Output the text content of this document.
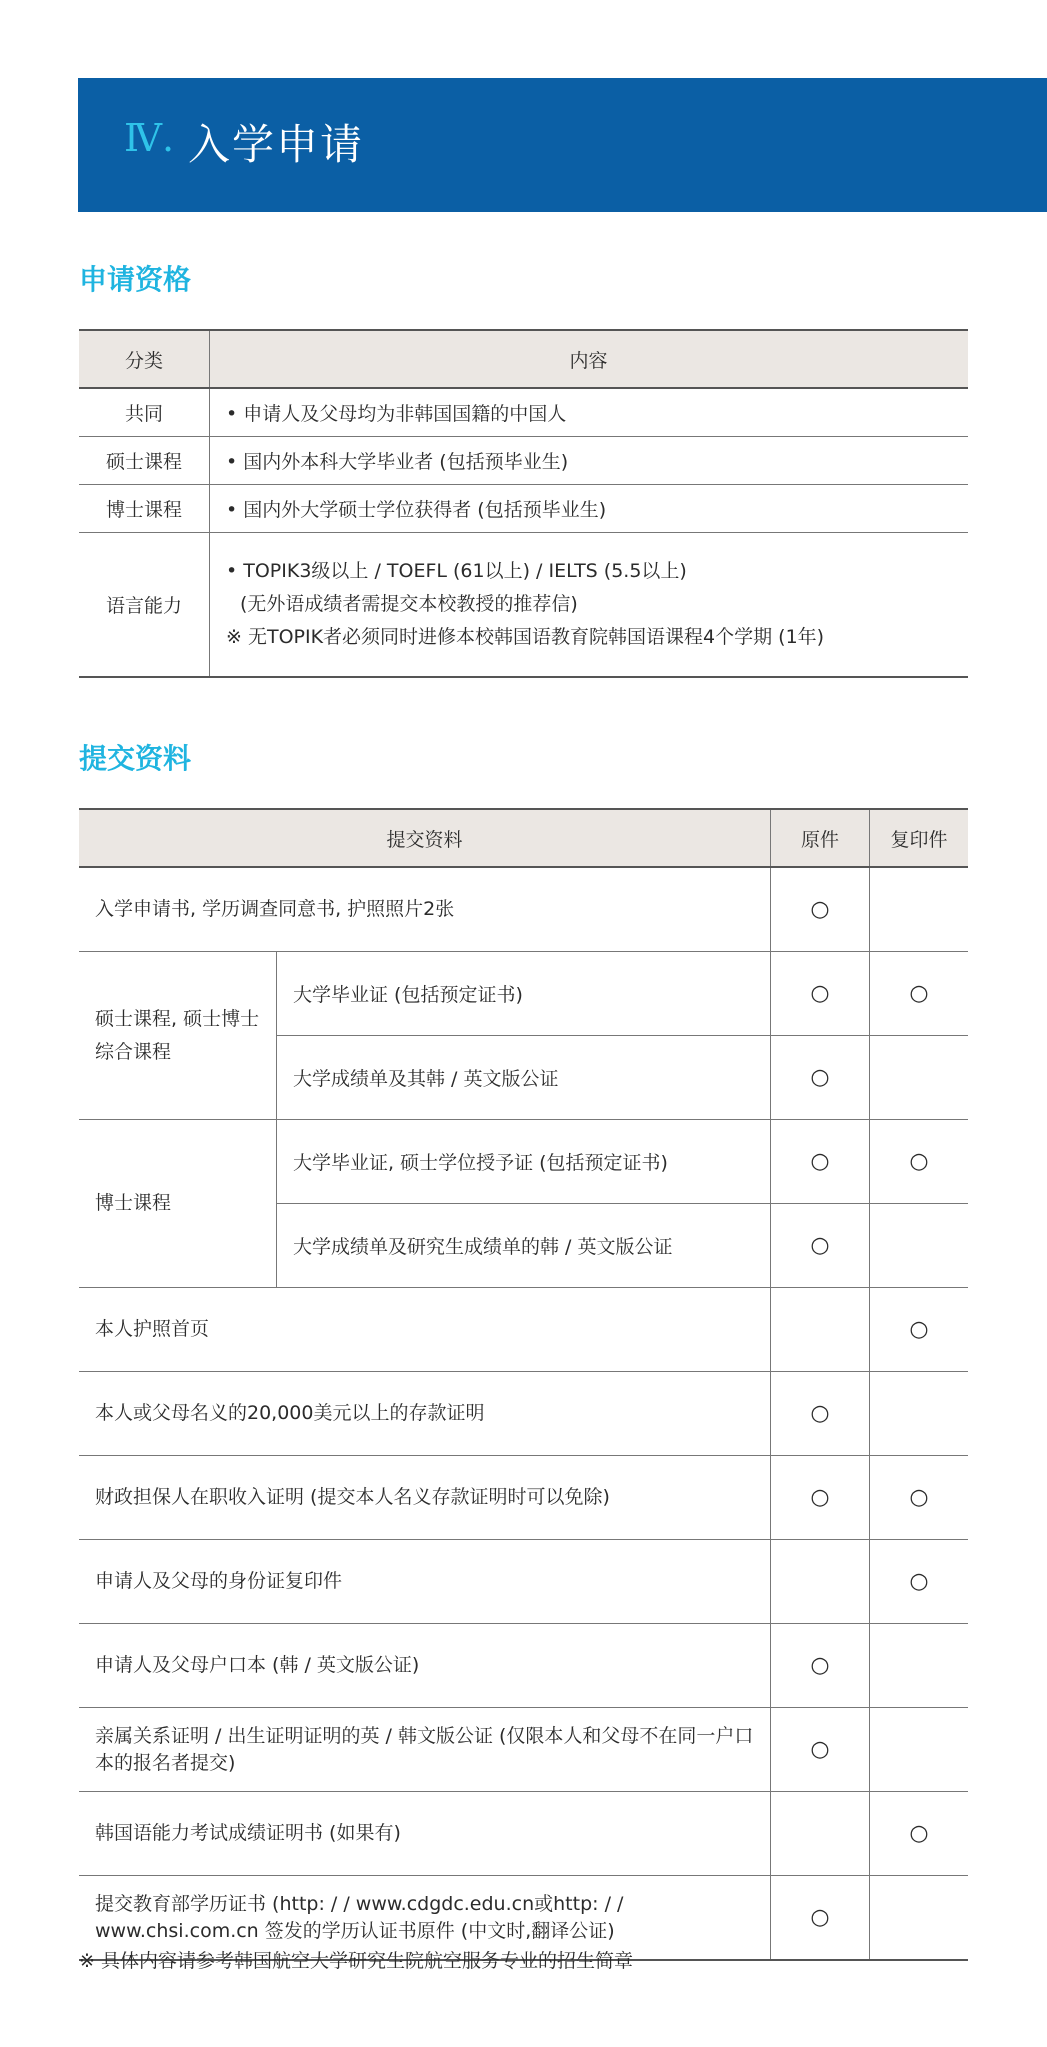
Ⅳ. 入学申请
申请资格
分类	内容
共同	• 申请人及父母均为非韩国国籍的中国人
硕士课程	• 国内外本科大学毕业者 (包括预毕业生)
博士课程	• 国内外大学硕士学位获得者 (包括预毕业生)
语言能力	• TOPIK3级以上 / TOEFL (61以上) / IELTS (5.5以上)
(无外语成绩者需提交本校教授的推荐信)
※ 无TOPIK者必须同时进修本校韩国语教育院韩国语课程4个学期 (1年)
提交资料
提交资料		原件	复印件
入学申请书, 学历调查同意书, 护照照片2张		○	
硕士课程, 硕士博士综合课程	大学毕业证 (包括预定证书)	○	○
	大学成绩单及其韩 / 英文版公证	○	
博士课程	大学毕业证, 硕士学位授予证 (包括预定证书)	○	○
	大学成绩单及研究生成绩单的韩 / 英文版公证	○	
本人护照首页			○
本人或父母名义的20,000美元以上的存款证明		○	
财政担保人在职收入证明 (提交本人名义存款证明时可以免除)		○	○
申请人及父母的身份证复印件			○
申请人及父母户口本 (韩 / 英文版公证)		○	
亲属关系证明 / 出生证明证明的英 / 韩文版公证 (仅限本人和父母不在同一户口本的报名者提交)		○	
韩国语能力考试成绩证明书 (如果有)			○
提交教育部学历证书 (http: / / www.cdgdc.edu.cn或http: / / www.chsi.com.cn 签发的学历认证书原件 (中文时,翻译公证)		○	
※ 具体内容请参考韩国航空大学研究生院航空服务专业的招生简章
